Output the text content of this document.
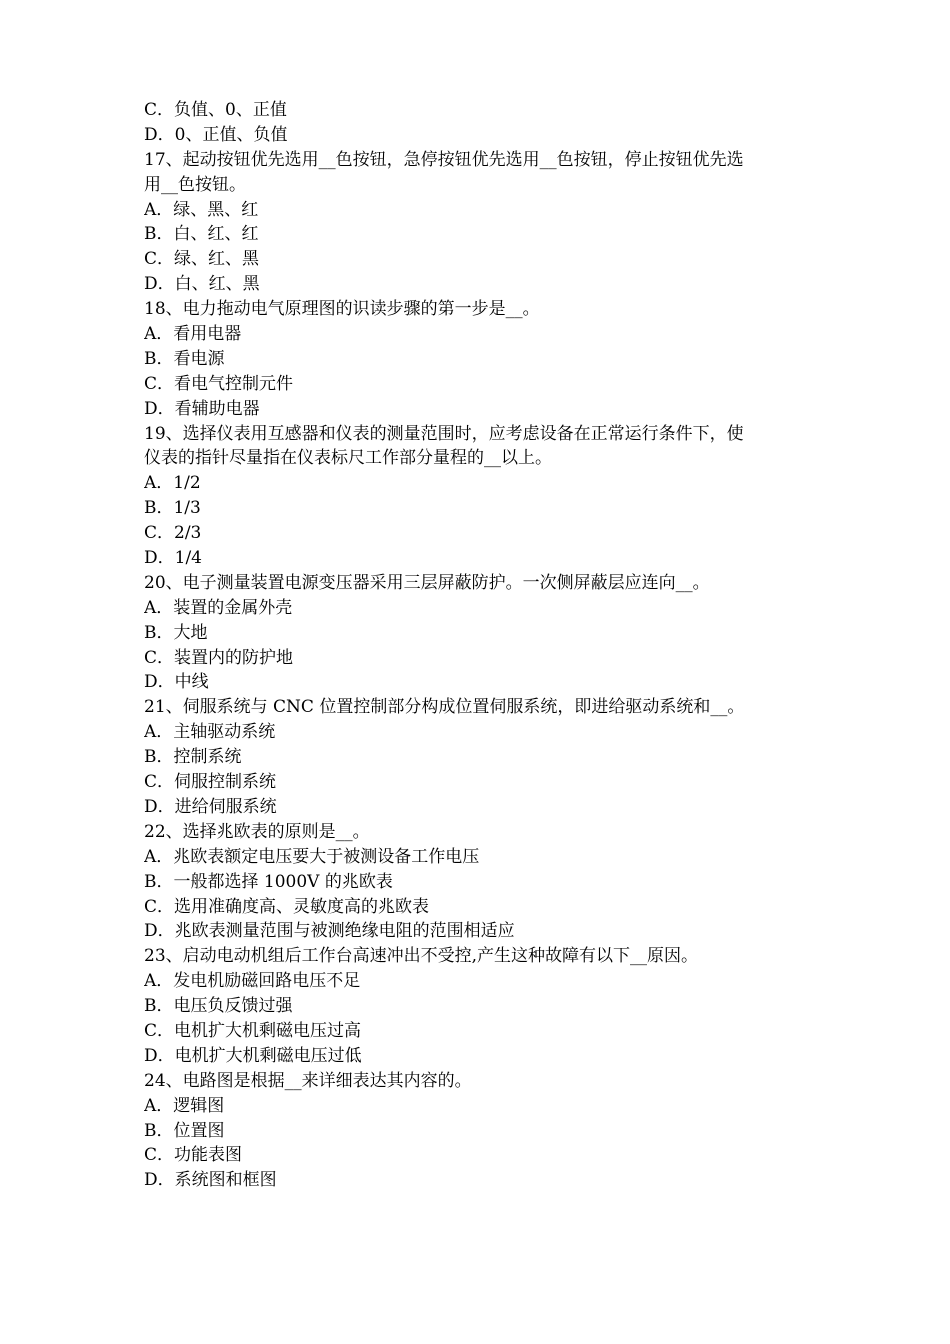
C．负值、0、正值
D．0、正值、负值
17、起动按钮优先选用__色按钮，急停按钮优先选用__色按钮，停止按钮优先选
用__色按钮。
A．绿、黑、红
B．白、红、红
C．绿、红、黑
D．白、红、黑
18、电力拖动电气原理图的识读步骤的第一步是__。
A．看用电器
B．看电源
C．看电气控制元件
D．看辅助电器
19、选择仪表用互感器和仪表的测量范围时，应考虑设备在正常运行条件下，使
仪表的指针尽量指在仪表标尺工作部分量程的__以上。
A．1/2
B．1/3
C．2/3
D．1/4
20、电子测量装置电源变压器采用三层屏蔽防护。一次侧屏蔽层应连向__。
A．装置的金属外壳
B．大地
C．装置内的防护地
D．中线
21、伺服系统与 CNC 位置控制部分构成位置伺服系统，即进给驱动系统和__。
A．主轴驱动系统
B．控制系统
C．伺服控制系统
D．进给伺服系统
22、选择兆欧表的原则是__。
A．兆欧表额定电压要大于被测设备工作电压
B．一般都选择 1000V 的兆欧表
C．选用准确度高、灵敏度高的兆欧表
D．兆欧表测量范围与被测绝缘电阻的范围相适应
23、启动电动机组后工作台高速冲出不受控,产生这种故障有以下__原因。
A．发电机励磁回路电压不足
B．电压负反馈过强
C．电机扩大机剩磁电压过高
D．电机扩大机剩磁电压过低
24、电路图是根据__来详细表达其内容的。
A．逻辑图
B．位置图
C．功能表图
D．系统图和框图
